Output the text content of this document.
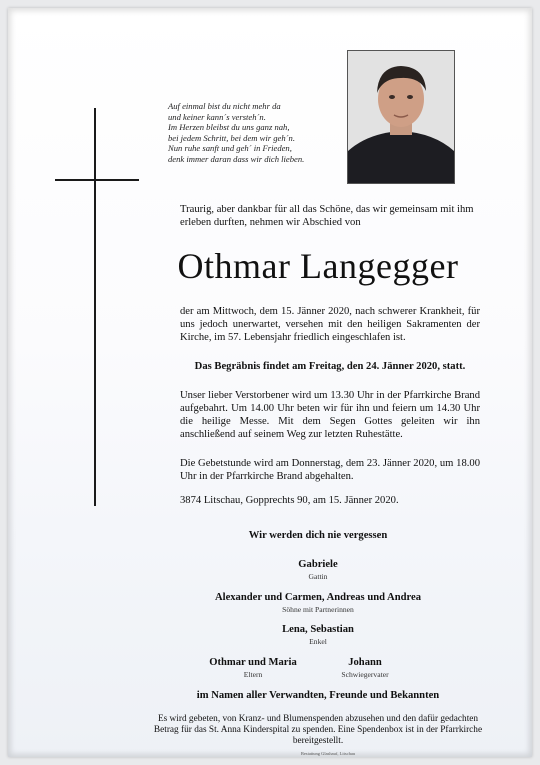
Auf einmal bist du nicht mehr da
und keiner kann´s versteh´n.
Im Herzen bleibst du uns ganz nah,
bei jedem Schritt, bei dem wir geh´n.
Nun ruhe sanft und geh´ in Frieden,
denk immer daran dass wir dich lieben.
Traurig, aber dankbar für all das Schöne, das wir gemeinsam mit ihm erleben durften, nehmen wir Abschied von
Othmar Langegger
der am Mittwoch, dem 15. Jänner 2020, nach schwerer Krankheit, für uns jedoch unerwartet, versehen mit den heiligen Sakramenten der Kirche, im 57. Lebensjahr friedlich eingeschlafen ist.
Das Begräbnis findet am Freitag, den 24. Jänner 2020, statt.
Unser lieber Verstorbener wird um 13.30 Uhr in der Pfarrkirche Brand aufgebahrt. Um 14.00 Uhr beten wir für ihn und feiern um 14.30 Uhr die heilige Messe. Mit dem Segen Gottes geleiten wir ihn anschließend auf seinem Weg zur letzten Ruhestätte.
Die Gebetstunde wird am Donnerstag, dem 23. Jänner 2020, um 18.00 Uhr in der Pfarrkirche Brand abgehalten.
3874 Litschau, Gopprechts 90, am 15. Jänner 2020.
Wir werden dich nie vergessen
Gabriele
Gattin
Alexander und Carmen, Andreas und Andrea
Söhne mit Partnerinnen
Lena, Sebastian
Enkel
Othmar und Maria
Eltern
Johann
Schwiegervater
im Namen aller Verwandten, Freunde und Bekannten
Es wird gebeten, von Kranz- und Blumenspenden abzusehen und den dafür gedachten Betrag für das St. Anna Kinderspital zu spenden. Eine Spendenbox ist in der Pfarrkirche bereitgestellt.
Bestattung Glashauf, Litschau
